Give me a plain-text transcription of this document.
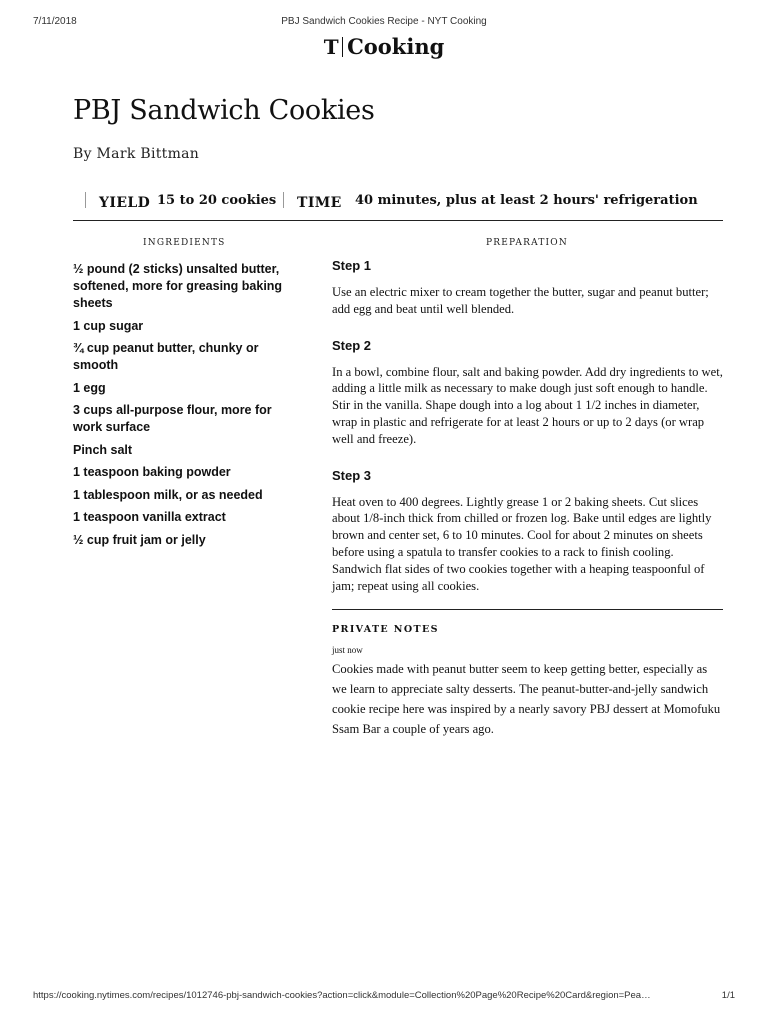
7/11/2018	PBJ Sandwich Cookies Recipe - NYT Cooking
T Cooking
PBJ Sandwich Cookies
By Mark Bittman
YIELD 15 to 20 cookies TIME 40 minutes, plus at least 2 hours' refrigeration
INGREDIENTS	PREPARATION
½ pound (2 sticks) unsalted butter, softened, more for greasing baking sheets
1 cup sugar
¾ cup peanut butter, chunky or smooth
1 egg
3 cups all-purpose flour, more for work surface
Pinch salt
1 teaspoon baking powder
1 tablespoon milk, or as needed
1 teaspoon vanilla extract
½ cup fruit jam or jelly
Step 1
Use an electric mixer to cream together the butter, sugar and peanut butter; add egg and beat until well blended.
Step 2
In a bowl, combine flour, salt and baking powder. Add dry ingredients to wet, adding a little milk as necessary to make dough just soft enough to handle. Stir in the vanilla. Shape dough into a log about 1 1/2 inches in diameter, wrap in plastic and refrigerate for at least 2 hours or up to 2 days (or wrap well and freeze).
Step 3
Heat oven to 400 degrees. Lightly grease 1 or 2 baking sheets. Cut slices about 1/8-inch thick from chilled or frozen log. Bake until edges are lightly brown and center set, 6 to 10 minutes. Cool for about 2 minutes on sheets before using a spatula to transfer cookies to a rack to finish cooling. Sandwich flat sides of two cookies together with a heaping teaspoonful of jam; repeat using all cookies.
PRIVATE NOTES
just now
Cookies made with peanut butter seem to keep getting better, especially as we learn to appreciate salty desserts. The peanut-butter-and-jelly sandwich cookie recipe here was inspired by a nearly savory PBJ dessert at Momofuku Ssam Bar a couple of years ago.
https://cooking.nytimes.com/recipes/1012746-pbj-sandwich-cookies?action=click&module=Collection%20Page%20Recipe%20Card&region=Pea…	1/1
